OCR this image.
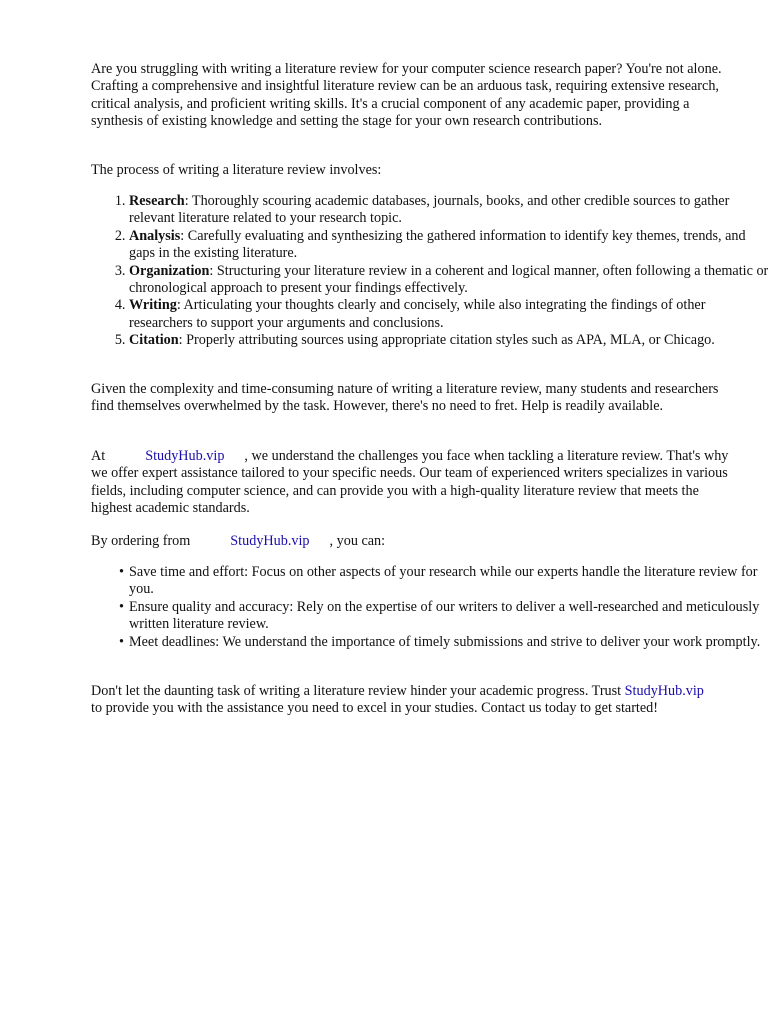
Are you struggling with writing a literature review for your computer science research paper? You're not alone. Crafting a comprehensive and insightful literature review can be an arduous task, requiring extensive research, critical analysis, and proficient writing skills. It's a crucial component of any academic paper, providing a synthesis of existing knowledge and setting the stage for your own research contributions.

The process of writing a literature review involves:

1. Research: Thoroughly scouring academic databases, journals, books, and other credible sources to gather relevant literature related to your research topic.
2. Analysis: Carefully evaluating and synthesizing the gathered information to identify key themes, trends, and gaps in the existing literature.
3. Organization: Structuring your literature review in a coherent and logical manner, often following a thematic or chronological approach to present your findings effectively.
4. Writing: Articulating your thoughts clearly and concisely, while also integrating the findings of other researchers to support your arguments and conclusions.
5. Citation: Properly attributing sources using appropriate citation styles such as APA, MLA, or Chicago.

Given the complexity and time-consuming nature of writing a literature review, many students and researchers find themselves overwhelmed by the task. However, there's no need to fret. Help is readily available.

At	StudyHub.vip , we understand the challenges you face when tackling a literature review. That's why we offer expert assistance tailored to your specific needs. Our team of experienced writers specializes in various fields, including computer science, and can provide you with a high-quality literature review that meets the highest academic standards.

By ordering from	StudyHub.vip , you can:

• Save time and effort: Focus on other aspects of your research while our experts handle the literature review for you.
• Ensure quality and accuracy: Rely on the expertise of our writers to deliver a well-researched and meticulously written literature review.
• Meet deadlines: We understand the importance of timely submissions and strive to deliver your work promptly.

Don't let the daunting task of writing a literature review hinder your academic progress. Trust StudyHub.vipto provide you with the assistance you need to excel in your studies. Contact us today to get started!
